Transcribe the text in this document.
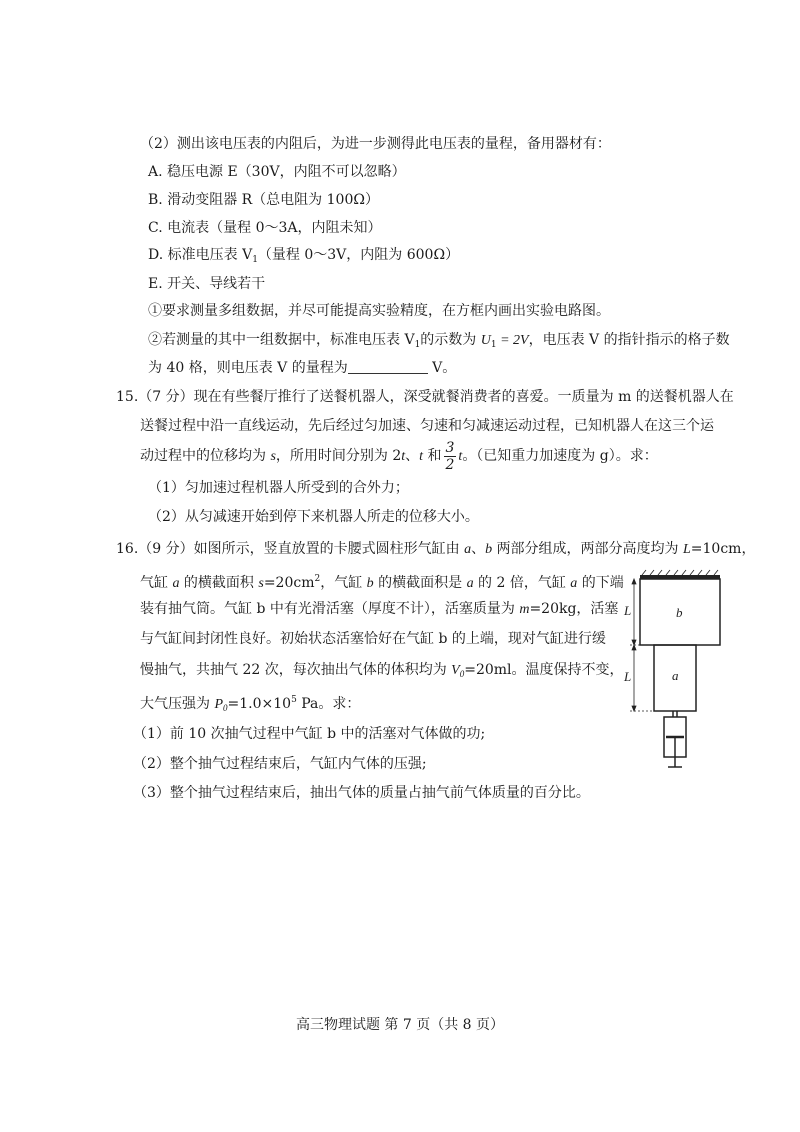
（2）测出该电压表的内阻后，为进一步测得此电压表的量程，备用器材有：
A. 稳压电源 E（30V，内阻不可以忽略）
B. 滑动变阻器 R（总电阻为 100Ω）
C. 电流表（量程 0～3A，内阻未知）
D. 标准电压表 $V_1$（量程 0～3V，内阻为 600Ω）
E. 开关、导线若干
①要求测量多组数据，并尽可能提高实验精度，在方框内画出实验电路图。
②若测量的其中一组数据中，标准电压表 $V_1$的示数为 $U_1 = 2V$，电压表 V 的指针指示的格子数
为 40 格，则电压表 V 的量程为	V。
15.（7 分）现在有些餐厅推行了送餐机器人，深受就餐消费者的喜爱。一质量为 m 的送餐机器人在
送餐过程中沿一直线运动，先后经过匀加速、匀速和匀减速运动过程，已知机器人在这三个运
动过程中的位移均为 s，所用时间分别为 2t、t 和 $\frac{3}{2}$ t。（已知重力加速度为 g）。求：
（1）匀加速过程机器人所受到的合外力；
（2）从匀减速开始到停下来机器人所走的位移大小。
16.（9 分）如图所示，竖直放置的卡腰式圆柱形气缸由 a、b 两部分组成，两部分高度均为 L=10cm，
气缸 a 的横截面积 $s=20cm^2$，气缸 b 的横截面积是 a 的 2 倍，气缸 a 的下端
装有抽气筒。气缸 b 中有光滑活塞（厚度不计），活塞质量为 m=20kg，活塞
与气缸间封闭性良好。初始状态活塞恰好在气缸 b 的上端，现对气缸进行缓
慢抽气，共抽气 22 次，每次抽出气体的体积均为 $V_0=20ml$。温度保持不变，
大气压强为 $P_0=1.0\times 10^5$ Pa。求：
（1）前 10 次抽气过程中气缸 b 中的活塞对气体做的功;
（2）整个抽气过程结束后，气缸内气体的压强;
（3）整个抽气过程结束后，抽出气体的质量占抽气前气体质量的百分比。
L
L
b
a
高三物理试题 第 7 页（共 8 页）
